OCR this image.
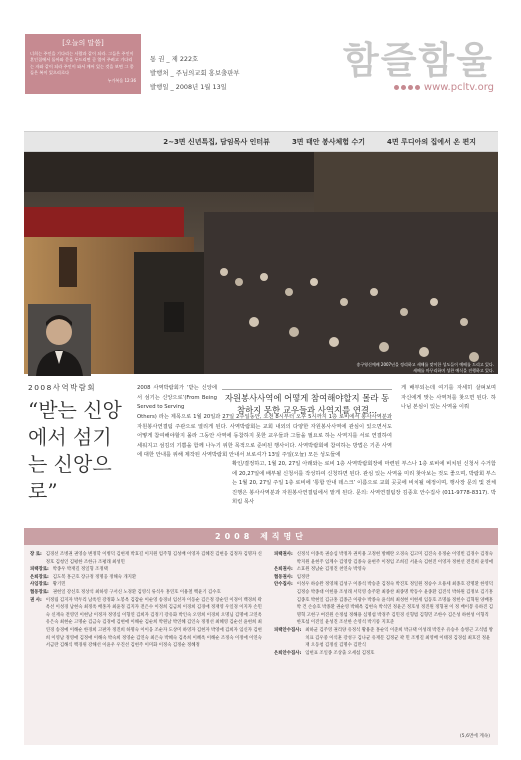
[오늘의 말씀]
너희는 주인을 기다리는 사람과 같이 되라. 그들은 주인이 혼인집에서 돌아와 문을 두드리면 곧 열어 주려고 기다리는 자와 같이 되라 주인이 와서 깨어 있는 것을 보면 그 종들은 복이 있으리로다
누가복음 12:36
통 권 _ 제 222호
발행처 _ 주님의교회 홍보출판부
발행일 _ 2008년 1월 13일
함즐함울
www.pcltv.org
2~3면 신년특집, 담임목사 인터뷰	3면 태안 봉사체험 수기	4면 루디아의 집에서 온 편지
송구영신예배 2007년을 정리하고 새해를 맞이한 성도들이 예배를 드리고 있다.
새해를 마무리하며 성찬 예식을 진행하고 있다.
2008사역박람회
“받는 신앙에서 섬기는 신앙으로”
2008 사역박람회가 ‘받는 신앙에서 섬기는 신앙으로’(From Being Served to Serving
자원봉사사역에 어떻게 참여해야할지 몰라 동참하지 못한 교우들과 사역지를 연결...
Others) 라는 제목으로 1월 20일과 27일 2주일동안, 오전 8시부터 오후 5시까지 1층 로비에서 봉사사역분과 자원봉사연결팀 주관으로 열리게 된다. 사역박람회는 교회 내외의 다양한 자원봉사사역에 관심이 있으면서도 어떻게 참여해야할지 몰라 그동안 사역에 동참하지 못한 교우들과 그들을 필요로 하는 사역지를 서로 연결하여 세워지고 섬김의 기쁨을 함께 나누기 위한 목적으로 준비된 행사이다. 사역박람회에 참여하는 방법은 기존 사역에 대한 안내를 위해 제작된 사역박람회 안내서 브로셔가 13일 주일(오늘) 모든 성도들에
게 배부되는데 여기를 자세히 살펴보며 자신에게 맞는 사역처를 찾으면 된다. 하나님 본심이 있는 사역을 이뤄
확인/결정하고, 1월 20, 27일 아래와는 로비 1층 사역박람회장에 마련된 부스나 1층 로비에 비치된 신청서 수거함에 20,27일에 배부될 신청서를 작성하여 신청하면 된다. 관심 있는 사역을 미리 찾아보는 것도 좋으며, 박람회 부스는 1월 20, 27일 주일 1층 로비에 ‘통합 안내 데스크’ 이름으로 교회 곳곳에 비치될 예정이며, 행사장 문의 및 전체진행은 봉사사역분과 자원봉사연결팀에서 맡게 된다. 문의: 사역연결팀장 김종호 안수집사 (011-9778-8317). 박희림 목사
2008 제직명단
장 로: 김경선 조병권 권영승 변정학 이병덕 김현재 박효길 이지원 엄주형 김성배 이영자 김혜진 김현웅 김정자 김명자 신정호 김청인 김평한 조한규 조평래 최성민
피택장로: 박종우 박재길 정일형 조정택
은퇴장로: 김도복 홍근호 장규정 정명웅 정해숙 개지환
사임장로: 황기민
협동장로: 권헌일 강신호 정상석 최하영 구서신 노경환 김영식 류석우 홍연호 이용철 백윤기 김수호
권 사: 이정림 김지자 박두리 남옥연 강정화 노봉옥 김갑순 이순영 송경녀 임선자 이동순 김은정 장순연 이경이 백경희 곽옥선 이성경 남현숙 최정옥 배홍자 최윤정 김지자 전은수 이정희 김금희 이경희 김경애 정재영 우일경 이지자 손민숙 신재숙 전영연 이현남 이정자 정영심 이형연 김희자 김정기 강유화 박인숙 오영희 이경희 오명님 김명애 고연옥 유은숙 최현순 고명순 김금숙 김경애 김현애 이해순 김순희 박원남 박연혜 김인숙 정정선 최혜영 김순선 윤현희 최연경 송경예 이해순 한경희 고판자 정진희 하명숙 이이웅 조순자 도상미 하영자 김현자 박영애 김희자 임신자 김현희 이영남 정영애 김정애 이해숙 박숙희 정영순 김연숙 최은숙 박혜숙 김옥희 이혜옥 이해순 조정숙 이정애 이연숙 서금란 김해식 백경위 강해선 이윤우 우진선 김현주 이미화 이정숙 김정순 정혜정
피택권사: 신정석 이종옥 권승심 박정자 권미용 고정현 방혜란 오경숙 김고미 김진숙 유정순 이영빈 김경수 김정숙 박지원 윤현주 임계수 김영랑 김종숙 윤현주 이정임 조희길 서윤숙 김현진 이영자 정현선 전진희 윤영애
은퇴권사: 소효원 정남순 김정진 천연숙 박영숙
협동권사: 임정란
안수집사: 이성우 하승완 정영채 김성구 이종석 박승준 김정숙 박진호 정일원 정승수 오용세 최종호 강명환 한영덕 김정승 박종대 이헌용 조성래 서덕영 송주환 최종찬 최종명 박동수 윤종환 김진석 박하원 김정보 김기홍 김종호 박현일 김규홍 김종근 이광수 박종숙 윤석희 최성현 이현세 임동호 조명률 정헌수 김혁원 양배홍 박 건 손승호 박종환 권순영 박헤옥 김현숙 박석연 정윤곤 정호성 정진원 정형권 이 정 배이봉 유하진 김명혁 고현구 여진원 손정섭 정해용 심명섭 박경주 김민경 신형범 김형민 조한수 김은성 하현성 이형직 한호섭 이진일 윤성진 조선한 손영석 박기룡 지호준
피택안수집사: 최하균 김주영 권리양 유정석 황용준 홍순익 이준희 박규택 이성래 박진우 유승우 송병근 고석범 방치표 김우중 이석훈 강성구 김나균 유재문 김정균 곽 민 조병길 최영배 이태경 김경섭 최호진 정윤재 오동청 김정실 김명수 김만식
은퇴안수집사: 임헌표 조일종 조상출 오세섭 김정호
(5,6면에 계속)
